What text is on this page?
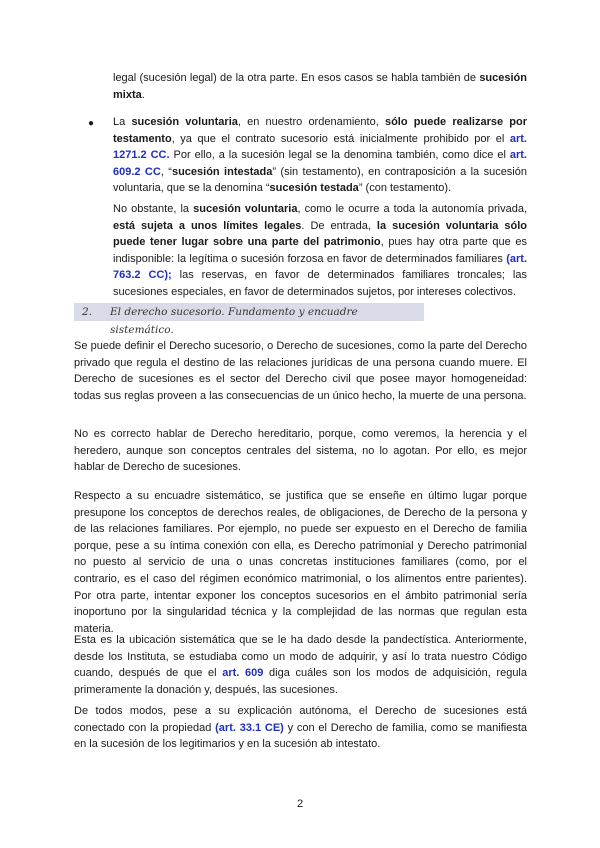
legal (sucesión legal) de la otra parte. En esos casos se habla también de sucesión mixta.

● La sucesión voluntaria, en nuestro ordenamiento, sólo puede realizarse por testamento, ya que el contrato sucesorio está inicialmente prohibido por el art. 1271.2 CC. Por ello, a la sucesión legal se la denomina también, como dice el art. 609.2 CC, “sucesión intestada” (sin testamento), en contraposición a la sucesión voluntaria, que se la denomina “sucesión testada” (con testamento).

No obstante, la sucesión voluntaria, como le ocurre a toda la autonomía privada, está sujeta a unos límites legales. De entrada, la sucesión voluntaria sólo puede tener lugar sobre una parte del patrimonio, pues hay otra parte que es indisponible: la legítima o sucesión forzosa en favor de determinados familiares (art. 763.2 CC); las reservas, en favor de determinados familiares troncales; las sucesiones especiales, en favor de determinados sujetos, por intereses colectivos.

2. El derecho sucesorio. Fundamento y encuadre sistemático.

Se puede definir el Derecho sucesorio, o Derecho de sucesiones, como la parte del Derecho privado que regula el destino de las relaciones jurídicas de una persona cuando muere. El Derecho de sucesiones es el sector del Derecho civil que posee mayor homogeneidad: todas sus reglas proveen a las consecuencias de un único hecho, la muerte de una persona.

No es correcto hablar de Derecho hereditario, porque, como veremos, la herencia y el heredero, aunque son conceptos centrales del sistema, no lo agotan. Por ello, es mejor hablar de Derecho de sucesiones.

Respecto a su encuadre sistemático, se justifica que se enseñe en último lugar porque presupone los conceptos de derechos reales, de obligaciones, de Derecho de la persona y de las relaciones familiares. Por ejemplo, no puede ser expuesto en el Derecho de familia porque, pese a su íntima conexión con ella, es Derecho patrimonial y Derecho patrimonial no puesto al servicio de una o unas concretas instituciones familiares (como, por el contrario, es el caso del régimen económico matrimonial, o los alimentos entre parientes). Por otra parte, intentar exponer los conceptos sucesorios en el ámbito patrimonial sería inoportuno por la singularidad técnica y la complejidad de las normas que regulan esta materia.

Esta es la ubicación sistemática que se le ha dado desde la pandectística. Anteriormente, desde los Instituta, se estudiaba como un modo de adquirir, y así lo trata nuestro Código cuando, después de que el art. 609 diga cuáles son los modos de adquisición, regula primeramente la donación y, después, las sucesiones.

De todos modos, pese a su explicación autónoma, el Derecho de sucesiones está conectado con la propiedad (art. 33.1 CE) y con el Derecho de familia, como se manifiesta en la sucesión de los legitimarios y en la sucesión ab intestato.

2
